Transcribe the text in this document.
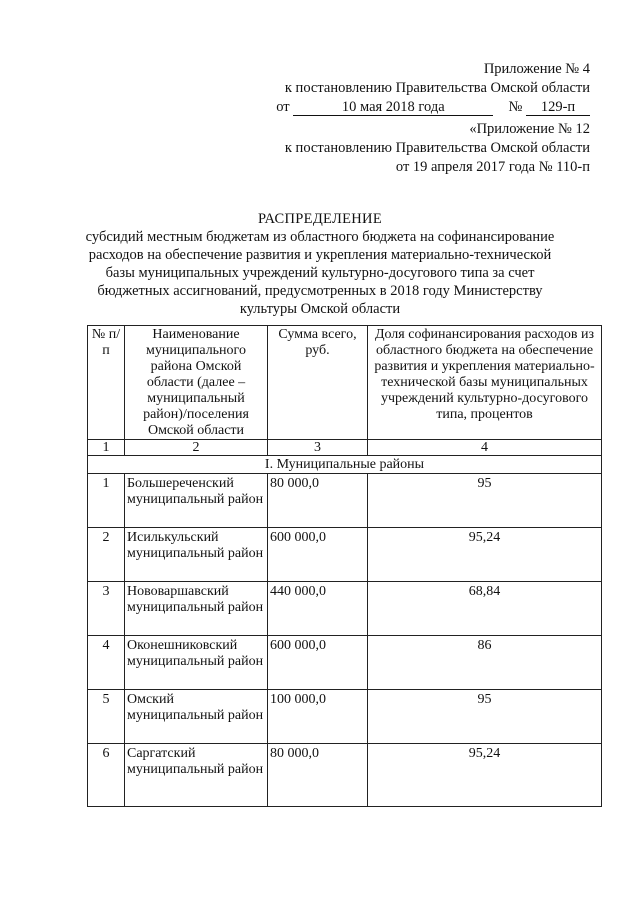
Приложение № 4
к постановлению Правительства Омской области
от	10 мая 2018 года	№ 129-п
«Приложение № 12
к постановлению Правительства Омской области
от 19 апреля 2017 года № 110-п
РАСПРЕДЕЛЕНИЕ
субсидий местным бюджетам из областного бюджета на софинансирование расходов на обеспечение развития и укрепления материально-технической базы муниципальных учреждений культурно-досугового типа за счет бюджетных ассигнований, предусмотренных в 2018 году Министерству культуры Омской области
№ п/п	Наименование муниципального района Омской области (далее – муниципальный район)/поселения Омской области	Сумма всего, руб.	Доля софинансирования расходов из областного бюджета на обеспечение развития и укрепления материально-технической базы муниципальных учреждений культурно-досугового типа, процентов
1	2	3	4
I. Муниципальные районы			
1	Большереченский муниципальный район	80 000,0	95
2	Исилькульский муниципальный район	600 000,0	95,24
3	Нововаршавский муниципальный район	440 000,0	68,84
4	Оконешниковский муниципальный район	600 000,0	86
5	Омский муниципальный район	100 000,0	95
6	Саргатский муниципальный район	80 000,0	95,24
